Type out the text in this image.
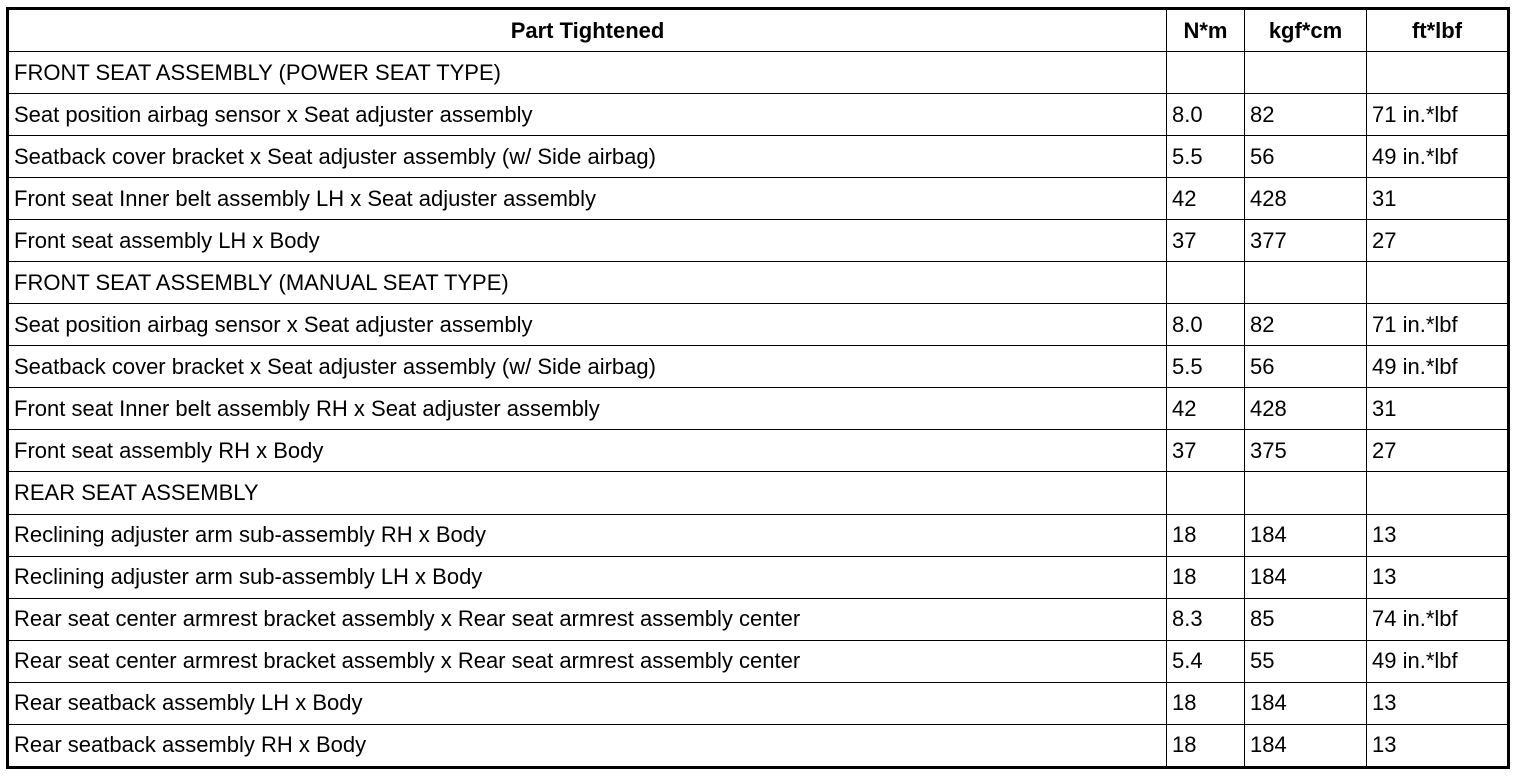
Part Tightened	N*m	kgf*cm	ft*lbf
FRONT SEAT ASSEMBLY (POWER SEAT TYPE)			
Seat position airbag sensor x Seat adjuster assembly	8.0	82	71 in.*lbf
Seatback cover bracket x Seat adjuster assembly (w/ Side airbag)	5.5	56	49 in.*lbf
Front seat Inner belt assembly LH x Seat adjuster assembly	42	428	31
Front seat assembly LH x Body	37	377	27
FRONT SEAT ASSEMBLY (MANUAL SEAT TYPE)			
Seat position airbag sensor x Seat adjuster assembly	8.0	82	71 in.*lbf
Seatback cover bracket x Seat adjuster assembly (w/ Side airbag)	5.5	56	49 in.*lbf
Front seat Inner belt assembly RH x Seat adjuster assembly	42	428	31
Front seat assembly RH x Body	37	375	27
REAR SEAT ASSEMBLY			
Reclining adjuster arm sub-assembly RH x Body	18	184	13
Reclining adjuster arm sub-assembly LH x Body	18	184	13
Rear seat center armrest bracket assembly x Rear seat armrest assembly center	8.3	85	74 in.*lbf
Rear seat center armrest bracket assembly x Rear seat armrest assembly center	5.4	55	49 in.*lbf
Rear seatback assembly LH x Body	18	184	13
Rear seatback assembly RH x Body	18	184	13
